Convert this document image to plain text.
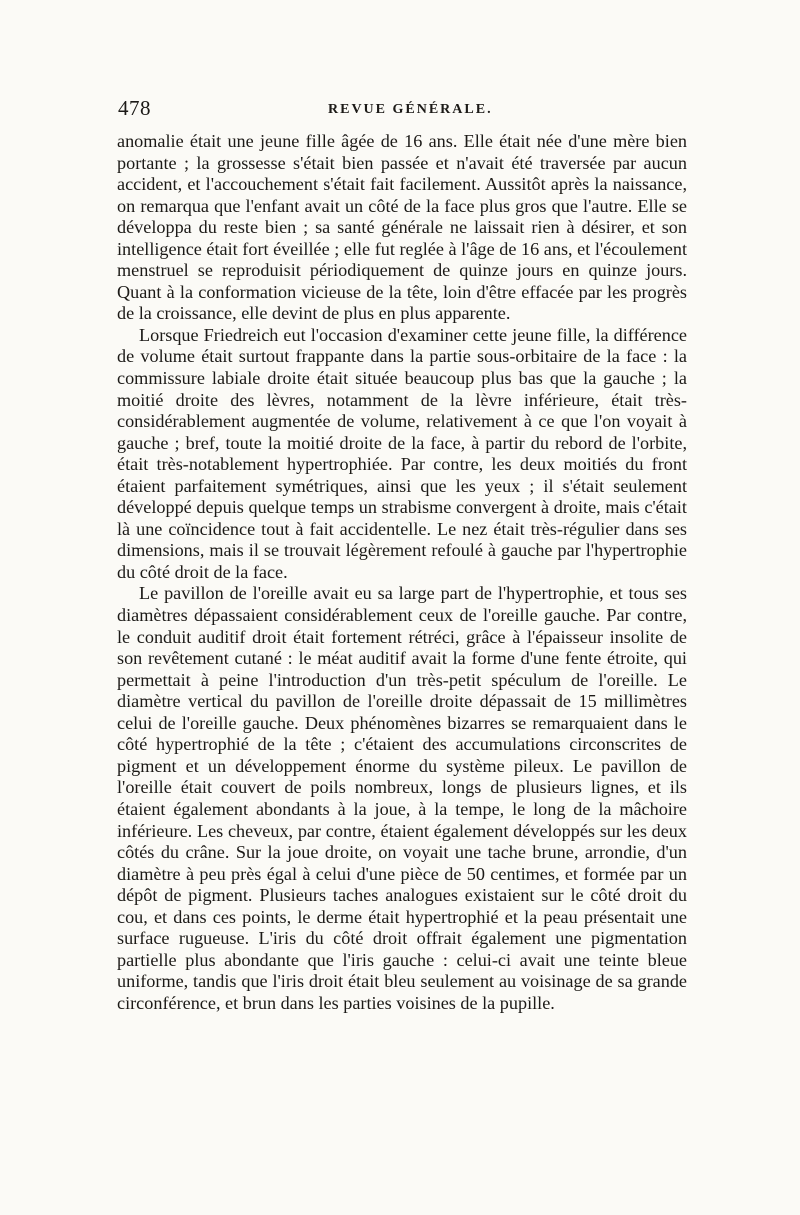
478	REVUE GÉNÉRALE.

anomalie était une jeune fille âgée de 16 ans. Elle était née d'une mère bien portante ; la grossesse s'était bien passée et n'avait été traversée par aucun accident, et l'accouchement s'était fait facilement. Aussitôt après la naissance, on remarqua que l'enfant avait un côté de la face plus gros que l'autre. Elle se développa du reste bien ; sa santé générale ne laissait rien à désirer, et son intelligence était fort éveillée ; elle fut reglée à l'âge de 16 ans, et l'écoulement menstruel se reproduisit périodiquement de quinze jours en quinze jours. Quant à la conformation vicieuse de la tête, loin d'être effacée par les progrès de la croissance, elle devint de plus en plus apparente.

Lorsque Friedreich eut l'occasion d'examiner cette jeune fille, la différence de volume était surtout frappante dans la partie sous-orbitaire de la face : la commissure labiale droite était située beaucoup plus bas que la gauche ; la moitié droite des lèvres, notamment de la lèvre inférieure, était très-considérablement augmentée de volume, relativement à ce que l'on voyait à gauche ; bref, toute la moitié droite de la face, à partir du rebord de l'orbite, était très-notablement hypertrophiée. Par contre, les deux moitiés du front étaient parfaitement symétriques, ainsi que les yeux ; il s'était seulement développé depuis quelque temps un strabisme convergent à droite, mais c'était là une coïncidence tout à fait accidentelle. Le nez était très-régulier dans ses dimensions, mais il se trouvait légèrement refoulé à gauche par l'hypertrophie du côté droit de la face.

Le pavillon de l'oreille avait eu sa large part de l'hypertrophie, et tous ses diamètres dépassaient considérablement ceux de l'oreille gauche. Par contre, le conduit auditif droit était fortement rétréci, grâce à l'épaisseur insolite de son revêtement cutané : le méat auditif avait la forme d'une fente étroite, qui permettait à peine l'introduction d'un très-petit spéculum de l'oreille. Le diamètre vertical du pavillon de l'oreille droite dépassait de 15 millimètres celui de l'oreille gauche. Deux phénomènes bizarres se remarquaient dans le côté hypertrophié de la tête ; c'étaient des accumulations circonscrites de pigment et un développement énorme du système pileux. Le pavillon de l'oreille était couvert de poils nombreux, longs de plusieurs lignes, et ils étaient également abondants à la joue, à la tempe, le long de la mâchoire inférieure. Les cheveux, par contre, étaient également développés sur les deux côtés du crâne. Sur la joue droite, on voyait une tache brune, arrondie, d'un diamètre à peu près égal à celui d'une pièce de 50 centimes, et formée par un dépôt de pigment. Plusieurs taches analogues existaient sur le côté droit du cou, et dans ces points, le derme était hypertrophié et la peau présentait une surface rugueuse. L'iris du côté droit offrait également une pigmentation partielle plus abondante que l'iris gauche : celui-ci avait une teinte bleue uniforme, tandis que l'iris droit était bleu seulement au voisinage de sa grande circonférence, et brun dans les parties voisines de la pupille.
